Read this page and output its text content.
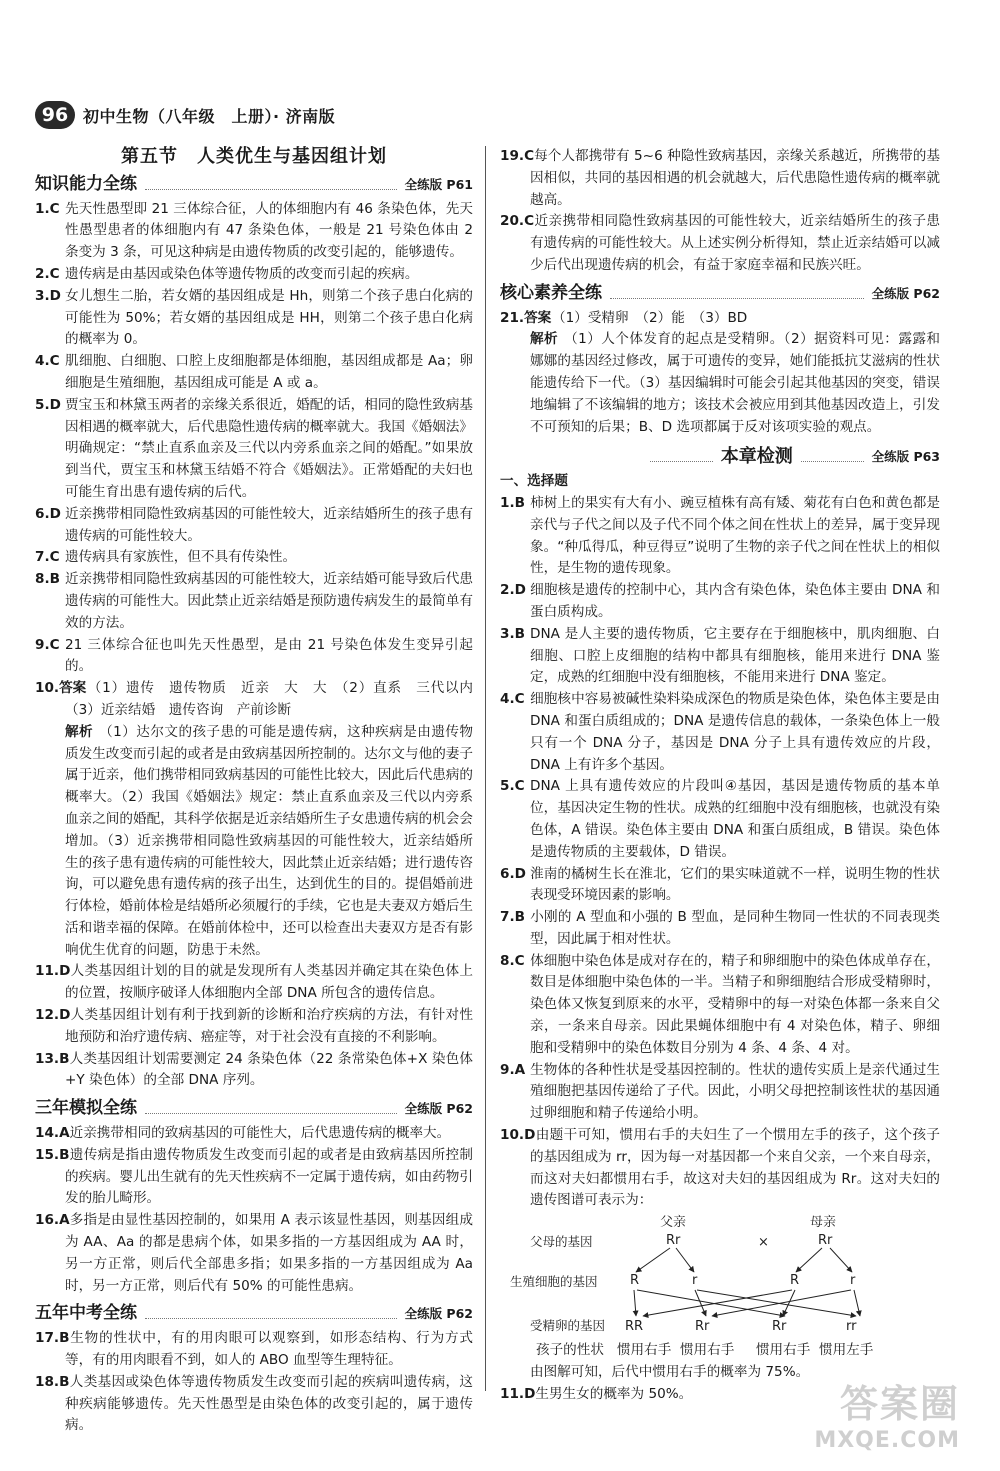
96 初中生物（八年级　上册）· 济南版
第五节　人类优生与基因组计划
知识能力全练	全练版 P61

1.C 先天性愚型即 21 三体综合征，人的体细胞内有 46 条染色体，先天性愚型患者的体细胞内有 47 条染色体，一般是 21 号染色体由 2 条变为 3 条，可见这种病是由遗传物质的改变引起的，能够遗传。

2.C 遗传病是由基因或染色体等遗传物质的改变而引起的疾病。

3.D 女儿想生二胎，若女婿的基因组成是 Hh，则第二个孩子患白化病的可能性为 50%；若女婿的基因组成是 HH，则第二个孩子患白化病的概率为 0。

4.C 肌细胞、白细胞、口腔上皮细胞都是体细胞，基因组成都是 Aa；卵细胞是生殖细胞，基因组成可能是 A 或 a。

5.D 贾宝玉和林黛玉两者的亲缘关系很近，婚配的话，相同的隐性致病基因相遇的概率就大，后代患隐性遗传病的概率就大。我国《婚姻法》明确规定：“禁止直系血亲及三代以内旁系血亲之间的婚配。”如果放到当代，贾宝玉和林黛玉结婚不符合《婚姻法》。正常婚配的夫妇也可能生育出患有遗传病的后代。

6.D 近亲携带相同隐性致病基因的可能性较大，近亲结婚所生的孩子患有遗传病的可能性较大。

7.C 遗传病具有家族性，但不具有传染性。

8.B 近亲携带相同隐性致病基因的可能性较大，近亲结婚可能导致后代患遗传病的可能性大。因此禁止近亲结婚是预防遗传病发生的最简单有效的方法。

9.C 21 三体综合征也叫先天性愚型，是由 21 号染色体发生变异引起的。

10.答案（1）遗传　遗传物质　近亲　大　大　（2）直系　三代以内　（3）近亲结婚　遗传咨询　产前诊断

解析 （1）达尔文的孩子患的可能是遗传病，这种疾病是由遗传物质发生改变而引起的或者是由致病基因所控制的。达尔文与他的妻子属于近亲，他们携带相同致病基因的可能性比较大，因此后代患病的概率大。（2）我国《婚姻法》规定：禁止直系血亲及三代以内旁系血亲之间的婚配，其科学依据是近亲结婚所生子女患遗传病的机会会增加。（3）近亲携带相同隐性致病基因的可能性较大，近亲结婚所生的孩子患有遗传病的可能性较大，因此禁止近亲结婚；进行遗传咨询，可以避免患有遗传病的孩子出生，达到优生的目的。提倡婚前进行体检，婚前体检是结婚所必须履行的手续，它也是夫妻双方婚后生活和谐幸福的保障。在婚前体检中，还可以检查出夫妻双方是否有影响优生优育的问题，防患于未然。

11.D人类基因组计划的目的就是发现所有人类基因并确定其在染色体上的位置，按顺序破译人体细胞内全部 DNA 所包含的遗传信息。

12.D人类基因组计划有利于找到新的诊断和治疗疾病的方法，有针对性地预防和治疗遗传病、癌症等，对于社会没有直接的不利影响。

13.B人类基因组计划需要测定 24 条染色体（22 条常染色体+X 染色体+Y 染色体）的全部 DNA 序列。

三年模拟全练	全练版 P62

14.A近亲携带相同的致病基因的可能性大，后代患遗传病的概率大。

15.B遗传病是指由遗传物质发生改变而引起的或者是由致病基因所控制的疾病。婴儿出生就有的先天性疾病不一定属于遗传病，如由药物引发的胎儿畸形。

16.A多指是由显性基因控制的，如果用 A 表示该显性基因，则基因组成为 AA、Aa 的都是患病个体，如果多指的一方基因组成为 AA 时，另一方正常，则后代全部患多指；如果多指的一方基因组成为 Aa 时，另一方正常，则后代有 50% 的可能性患病。

五年中考全练	全练版 P62

17.B生物的性状中，有的用肉眼可以观察到，如形态结构、行为方式等，有的用肉眼看不到，如人的 ABO 血型等生理特征。

18.B人类基因或染色体等遗传物质发生改变而引起的疾病叫遗传病，这种疾病能够遗传。先天性愚型是由染色体的改变引起的，属于遗传病。

19.C每个人都携带有 5~6 种隐性致病基因，亲缘关系越近，所携带的基因相似，共同的基因相遇的机会就越大，后代患隐性遗传病的概率就越高。

20.C近亲携带相同隐性致病基因的可能性较大，近亲结婚所生的孩子患有遗传病的可能性较大。从上述实例分析得知，禁止近亲结婚可以减少后代出现遗传病的机会，有益于家庭幸福和民族兴旺。

核心素养全练	全练版 P62

21.答案（1）受精卵　（2）能　（3）BD

解析 （1）人个体发育的起点是受精卵。（2）据资料可见：露露和娜娜的基因经过修改，属于可遗传的变异，她们能抵抗艾滋病的性状能遗传给下一代。（3）基因编辑时可能会引起其他基因的突变，错误地编辑了不该编辑的地方；该技术会被应用到其他基因改造上，引发不可预知的后果；B、D 选项都属于反对该项实验的观点。

本章检测	全练版 P63
一、选择题

1.B 柿树上的果实有大有小、豌豆植株有高有矮、菊花有白色和黄色都是亲代与子代之间以及子代不同个体之间在性状上的差异，属于变异现象。“种瓜得瓜，种豆得豆”说明了生物的亲子代之间在性状上的相似性，是生物的遗传现象。

2.D 细胞核是遗传的控制中心，其内含有染色体，染色体主要由 DNA 和蛋白质构成。

3.B DNA 是人主要的遗传物质，它主要存在于细胞核中，肌肉细胞、白细胞、口腔上皮细胞的结构中都具有细胞核，能用来进行 DNA 鉴定，成熟的红细胞中没有细胞核，不能用来进行 DNA 鉴定。

4.C 细胞核中容易被碱性染料染成深色的物质是染色体，染色体主要是由 DNA 和蛋白质组成的；DNA 是遗传信息的载体，一条染色体上一般只有一个 DNA 分子，基因是 DNA 分子上具有遗传效应的片段，DNA 上有许多个基因。

5.C DNA 上具有遗传效应的片段叫④基因，基因是遗传物质的基本单位，基因决定生物的性状。成熟的红细胞中没有细胞核，也就没有染色体，A 错误。染色体主要由 DNA 和蛋白质组成，B 错误。染色体是遗传物质的主要载体，D 错误。

6.D 淮南的橘树生长在淮北，它们的果实味道就不一样，说明生物的性状表现受环境因素的影响。

7.B 小刚的 A 型血和小强的 B 型血，是同种生物同一性状的不同表现类型，因此属于相对性状。

8.C 体细胞中染色体是成对存在的，精子和卵细胞中的染色体成单存在，数目是体细胞中染色体的一半。当精子和卵细胞结合形成受精卵时，染色体又恢复到原来的水平，受精卵中的每一对染色体都一条来自父亲，一条来自母亲。因此果蝇体细胞中有 4 对染色体，精子、卵细胞和受精卵中的染色体数目分别为 4 条、4 条、4 对。

9.A 生物体的各种性状是受基因控制的。性状的遗传实质上是亲代通过生殖细胞把基因传递给了子代。因此，小明父母把控制该性状的基因通过卵细胞和精子传递给小明。

10.D由题干可知，惯用右手的夫妇生了一个惯用左手的孩子，这个孩子的基因组成为 rr，因为每一对基因都一个来自父亲，一个来自母亲，而这对夫妇都惯用右手，故这对夫妇的基因组成为 Rr。这对夫妇的遗传图谱可表示为：

父亲	母亲
父母的基因	Rr	×	Rr
生殖细胞的基因 R	r	R	r
受精卵的基因 RR	Rr	Rr	rr
孩子的性状 惯用右手 惯用右手 惯用右手 惯用左手

由图解可知，后代中惯用右手的概率为 75%。

11.D生男生女的概率为 50%。	答案圈
MXQE.COM
